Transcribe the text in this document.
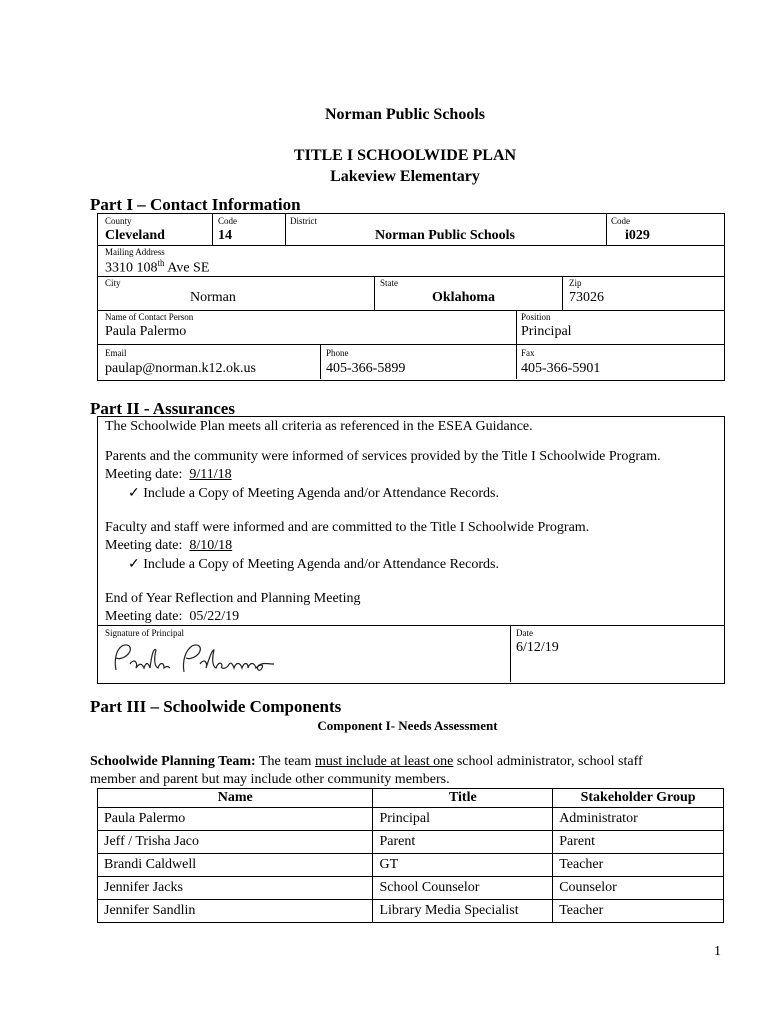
Norman Public Schools
TITLE I SCHOOLWIDE PLAN
Lakeview Elementary
Part I – Contact Information
County
Cleveland
Code
14
District
Norman Public Schools
Code
i029
Mailing Address
3310 108th Ave SE
City
Norman
State
Oklahoma
Zip
73026
Name of Contact Person
Paula Palermo
Position
Principal
Email
paulap@norman.k12.ok.us
Phone
405-366-5899
Fax
405-366-5901
Part II - Assurances
The Schoolwide Plan meets all criteria as referenced in the ESEA Guidance.
Parents and the community were informed of services provided by the Title I Schoolwide Program.
Meeting date: 9/11/18
✓ Include a Copy of Meeting Agenda and/or Attendance Records.
Faculty and staff were informed and are committed to the Title I Schoolwide Program.
Meeting date: 8/10/18
✓ Include a Copy of Meeting Agenda and/or Attendance Records.
End of Year Reflection and Planning Meeting
Meeting date: 05/22/19
Signature of Principal	Date
6/12/19
Part III – Schoolwide Components
Component I- Needs Assessment
Schoolwide Planning Team: The team must include at least one school administrator, school staff
member and parent but may include other community members.
Name	Title	Stakeholder Group
Paula Palermo	Principal	Administrator
Jeff / Trisha Jaco	Parent	Parent
Brandi Caldwell	GT	Teacher
Jennifer Jacks	School Counselor	Counselor
Jennifer Sandlin	Library Media Specialist	Teacher
1
